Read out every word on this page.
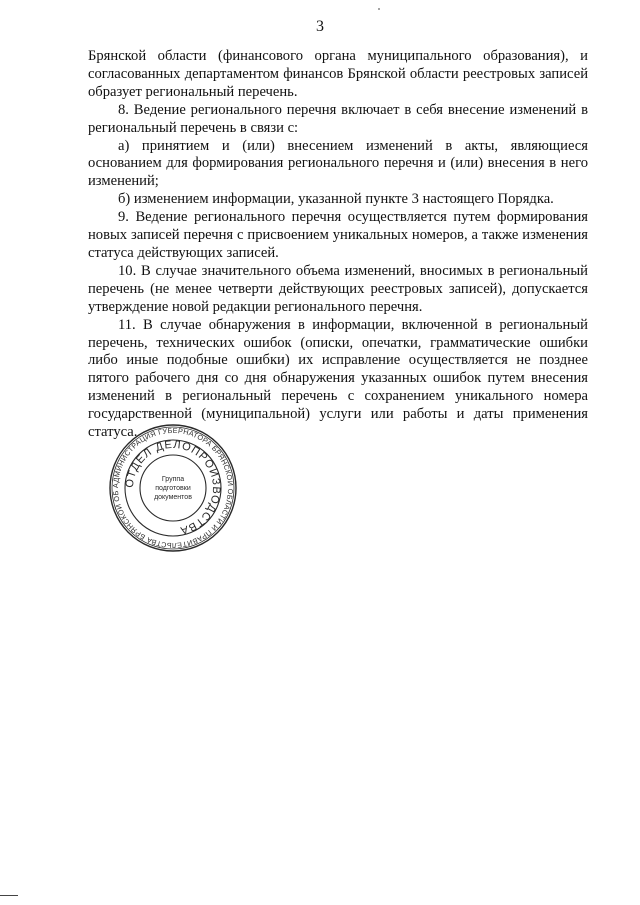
3

Брянской области (финансового органа муниципального образования), и согласованных департаментом финансов Брянской области реестровых записей образует региональный перечень.

8. Ведение регионального перечня включает в себя внесение изменений в региональный перечень в связи с:

а) принятием и (или) внесением изменений в акты, являющиеся основанием для формирования регионального перечня и (или) внесения в него изменений;

б) изменением информации, указанной пункте 3 настоящего Порядка.

9. Ведение регионального перечня осуществляется путем формирования новых записей перечня с присвоением уникальных номеров, а также изменения статуса действующих записей.

10. В случае значительного объема изменений, вносимых в региональный перечень (не менее четверти действующих реестровых записей), допускается утверждение новой редакции регионального перечня.

11. В случае обнаружения в информации, включенной в региональный перечень, технических ошибок (описки, опечатки, грамматические ошибки либо иные подобные ошибки) их исправление осуществляется не позднее пятого рабочего дня со дня обнаружения указанных ошибок путем внесения изменений в региональный перечень с сохранением уникального номера государственной (муниципальной) услуги или работы и даты применения статуса.

АДМИНИСТРАЦИЯ ГУБЕРНАТОРА БРЯНСКОЙ ОБЛАСТИ И ПРАВИТЕЛЬСТВА БРЯНСКОЙ ОБ
ОТДЕЛ ДЕЛОПРОИЗВОДСТВА
Группа
подготовки
документов
